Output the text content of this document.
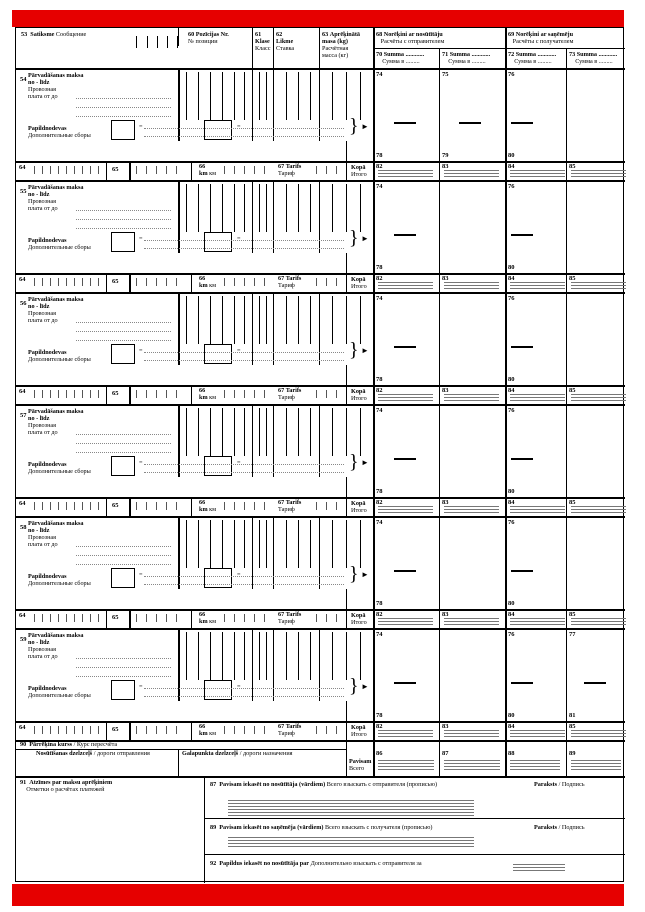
53 Satiksme Сообщение	60 Pozīcijas Nr.
№ позиции
61
Klase
Класс
62
Likme
Ставка
63 Aprēķinātā
masa (kg)
Расчётная
масса (кг)
68 Norēķini ar nosūtītāju
Расчёты с отправителем
69 Norēķini ar saņēmēju
Расчёты с получателем
70 Summa ............
Сумма в .........
71 Summa ............
Сумма в .........
72 Summa ............
Сумма в .........
73 Summa ............
Сумма в .........
54
Pārvadāšanas maksa
no - līdz
Провозная плата от до
Papildnodevas
Дополнительные сборы
=	=	} ►
74	75	76
78	79	80
64	65	66
km км
67 Tarifs
Тариф
Kopā
Итого
82	83	84	85
55
Pārvadāšanas maksa
no - līdz
Провозная плата от до
Papildnodevas
Дополнительные сборы
=	=	} ►
74	76
78	80
64	65	66
km км
67 Tarifs
Тариф
Kopā
Итого
82	83	84	85
56
Pārvadāšanas maksa
no - līdz
Провозная плата от до
Papildnodevas
Дополнительные сборы
=	=	} ►
74	76
78	80
64	65	66
km км
67 Tarifs
Тариф
Kopā
Итого
82	83	84	85
57
Pārvadāšanas maksa
no - līdz
Провозная плата от до
Papildnodevas
Дополнительные сборы
=	=	} ►
74	76
78	80
64	65	66
km км
67 Tarifs
Тариф
Kopā
Итого
82	83	84	85
58
Pārvadāšanas maksa
no - līdz
Провозная плата от до
Papildnodevas
Дополнительные сборы
=	=	} ►
74	76
78	80
64	65	66
km км
67 Tarifs
Тариф
Kopā
Итого
82	83	84	85
59
Pārvadāšanas maksa
no - līdz
Провозная плата от до
Papildnodevas
Дополнительные сборы
=	=	} ►
74	76	77
78	80	81
64	65	66
km км
67 Tarifs
Тариф
Kopā
Итого
82	83	84	85
90 Pārrēķina kurss / Курс пересчёта
Nosūtīšanas dzelzceļš / дороги отправления	Galapunkta dzelzceļš / дороги назначения
Pavisam
Всего
86	87	88	89
91 Atzīmes par maksu aprēķiniem
Отметки о расчётах платежей
87 Pavisam iekasēt no nosūtītāja (vārdiem) Всего взыскать с отправителя (прописью)	Paraksts / Подпись
89 Pavisam iekasēt no saņēmēja (vārdiem) Всего взыскать с получателя (прописью)	Paraksts / Подпись
92 Papildus iekasēt no nosūtītāja par Дополнительно взыскать с отправителя за
